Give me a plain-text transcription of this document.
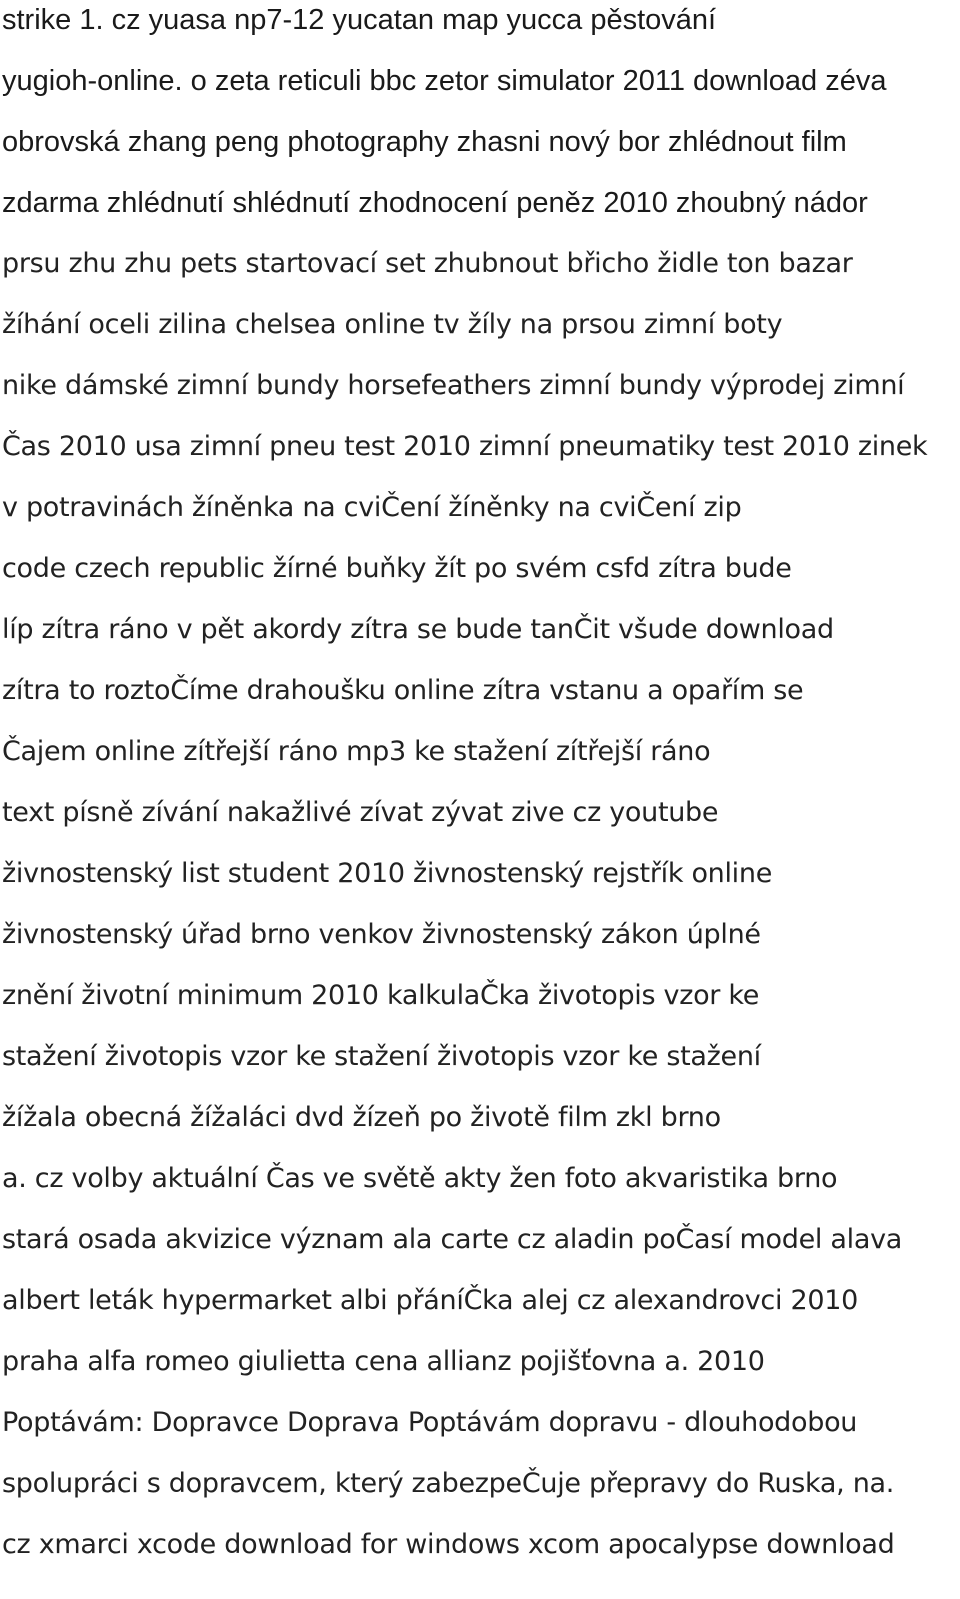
strike 1. cz yuasa np7-12 yucatan map yucca pěstování
yugioh-online. o zeta reticuli bbc zetor simulator 2011 download zéva
obrovská zhang peng photography zhasni nový bor zhlédnout film
zdarma zhlédnutí shlédnutí zhodnocení peněz 2010 zhoubný nádor
prsu zhu zhu pets startovací set zhubnout břicho židle ton bazar
žíhání oceli zilina chelsea online tv žíly na prsou zimní boty
nike dámské zimní bundy horsefeathers zimní bundy výprodej zimní
Čas 2010 usa zimní pneu test 2010 zimní pneumatiky test 2010 zinek
v potravinách žíněnka na cviČení žíněnky na cviČení zip
code czech republic žírné buňky žít po svém csfd zítra bude
líp zítra ráno v pět akordy zítra se bude tanČit všude download
zítra to roztoČíme drahoušku online zítra vstanu a opařím se
Čajem online zítřejší ráno mp3 ke stažení zítřejší ráno
text písně zívání nakažlivé zívat zývat zive cz youtube
živnostenský list student 2010 živnostenský rejstřík online
živnostenský úřad brno venkov živnostenský zákon úplné
znění životní minimum 2010 kalkulaČka životopis vzor ke
stažení životopis vzor ke stažení životopis vzor ke stažení
žížala obecná žížaláci dvd žízeň po životě film zkl brno
a. cz volby aktuální Čas ve světě akty žen foto akvaristika brno
stará osada akvizice význam ala carte cz aladin poČasí model alava
albert leták hypermarket albi přáníČka alej cz alexandrovci 2010
praha alfa romeo giulietta cena allianz pojišťovna a. 2010
Poptávám: Dopravce Doprava Poptávám dopravu - dlouhodobou
spolupráci s dopravcem, který zabezpeČuje přepravy do Ruska, na.
cz xmarci xcode download for windows xcom apocalypse download
